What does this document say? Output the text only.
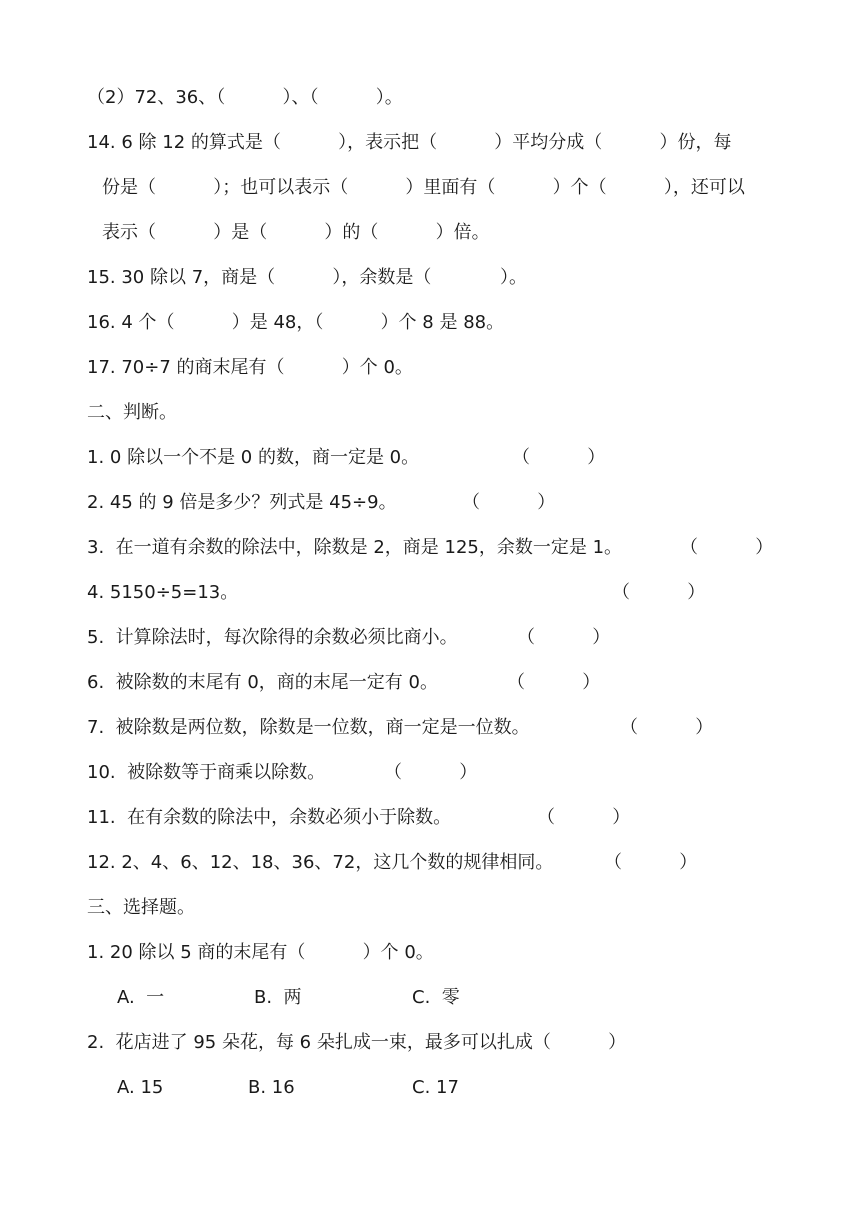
（2）72、36、（          ）、（          ）。
14. 6 除 12 的算式是（          ），表示把（          ）平均分成（          ）份，每
份是（          ）；也可以表示（          ）里面有（          ）个（          ），还可以
表示（          ）是（          ）的（          ）倍。
15. 30 除以 7，商是（          ），余数是（            ）。
16. 4 个（          ）是 48，（          ）个 8 是 88。
17. 70÷7 的商末尾有（          ）个 0。
二、判断。
1. 0 除以一个不是 0 的数，商一定是 0。	（          ）
2. 45 的 9 倍是多少？列式是 45÷9。	（          ）
3.  在一道有余数的除法中，除数是 2，商是 125，余数一定是 1。	（          ）
4. 5150÷5=13。	（          ）
5.  计算除法时，每次除得的余数必须比商小。	（          ）
6.  被除数的末尾有 0，商的末尾一定有 0。	（          ）
7.  被除数是两位数，除数是一位数，商一定是一位数。	（          ）
10.  被除数等于商乘以除数。	（          ）
11.  在有余数的除法中，余数必须小于除数。	（          ）
12. 2、4、6、12、18、36、72，这几个数的规律相同。	（          ）
三、选择题。
1. 20 除以 5 商的末尾有（          ）个 0。
A.  一	B.  两	C.  零
2.  花店进了 95 朵花，每 6 朵扎成一束，最多可以扎成（          ）
A. 15	B. 16	C. 17
